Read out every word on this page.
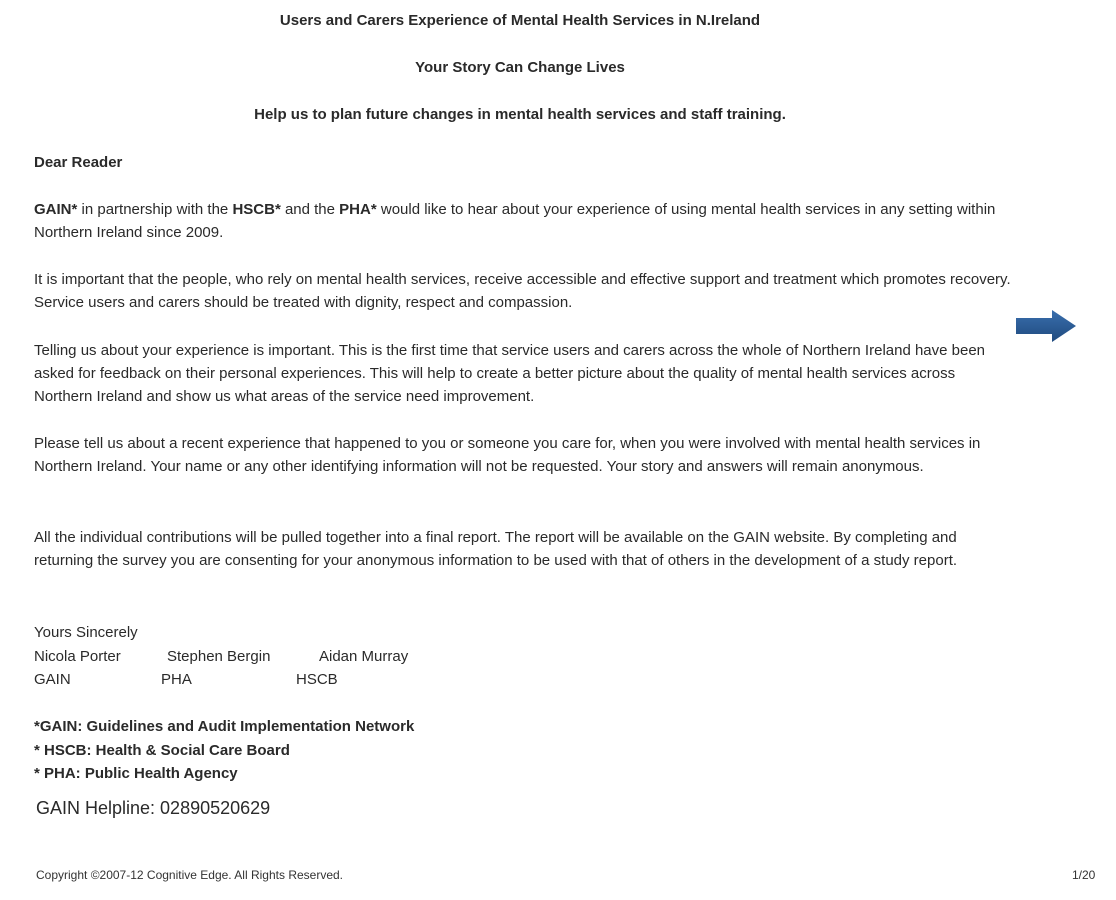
Users and Carers Experience of Mental Health Services in N.Ireland
Your Story Can Change Lives
Help us to plan future changes in mental health services and staff training.
Dear Reader
GAIN* in partnership with the HSCB* and the PHA* would like to hear about your experience of using mental health services in any setting within Northern Ireland since 2009.
It is important that the people, who rely on mental health services, receive accessible and effective support and treatment which promotes recovery. Service users and carers should be treated with dignity, respect and compassion.
Telling us about your experience is important. This is the first time that service users and carers across the whole of Northern Ireland have been asked for feedback on their personal experiences. This will help to create a better picture about the quality of mental health services across Northern Ireland and show us what areas of the service need improvement.
Please tell us about a recent experience that happened to you or someone you care for, when you were involved with mental health services in Northern Ireland. Your name or any other identifying information will not be requested. Your story and answers will remain anonymous.
All the individual contributions will be pulled together into a final report. The report will be available on the GAIN website. By completing and returning the survey you are consenting for your anonymous information to be used with that of others in the development of a study report.
Yours Sincerely
Nicola Porter	Stephen Bergin	Aidan Murray
GAIN	PHA	HSCB
*GAIN: Guidelines and Audit Implementation Network
* HSCB: Health & Social Care Board
* PHA: Public Health Agency
GAIN Helpline: 02890520629
Copyright ©2007-12 Cognitive Edge. All Rights Reserved.	1/20
